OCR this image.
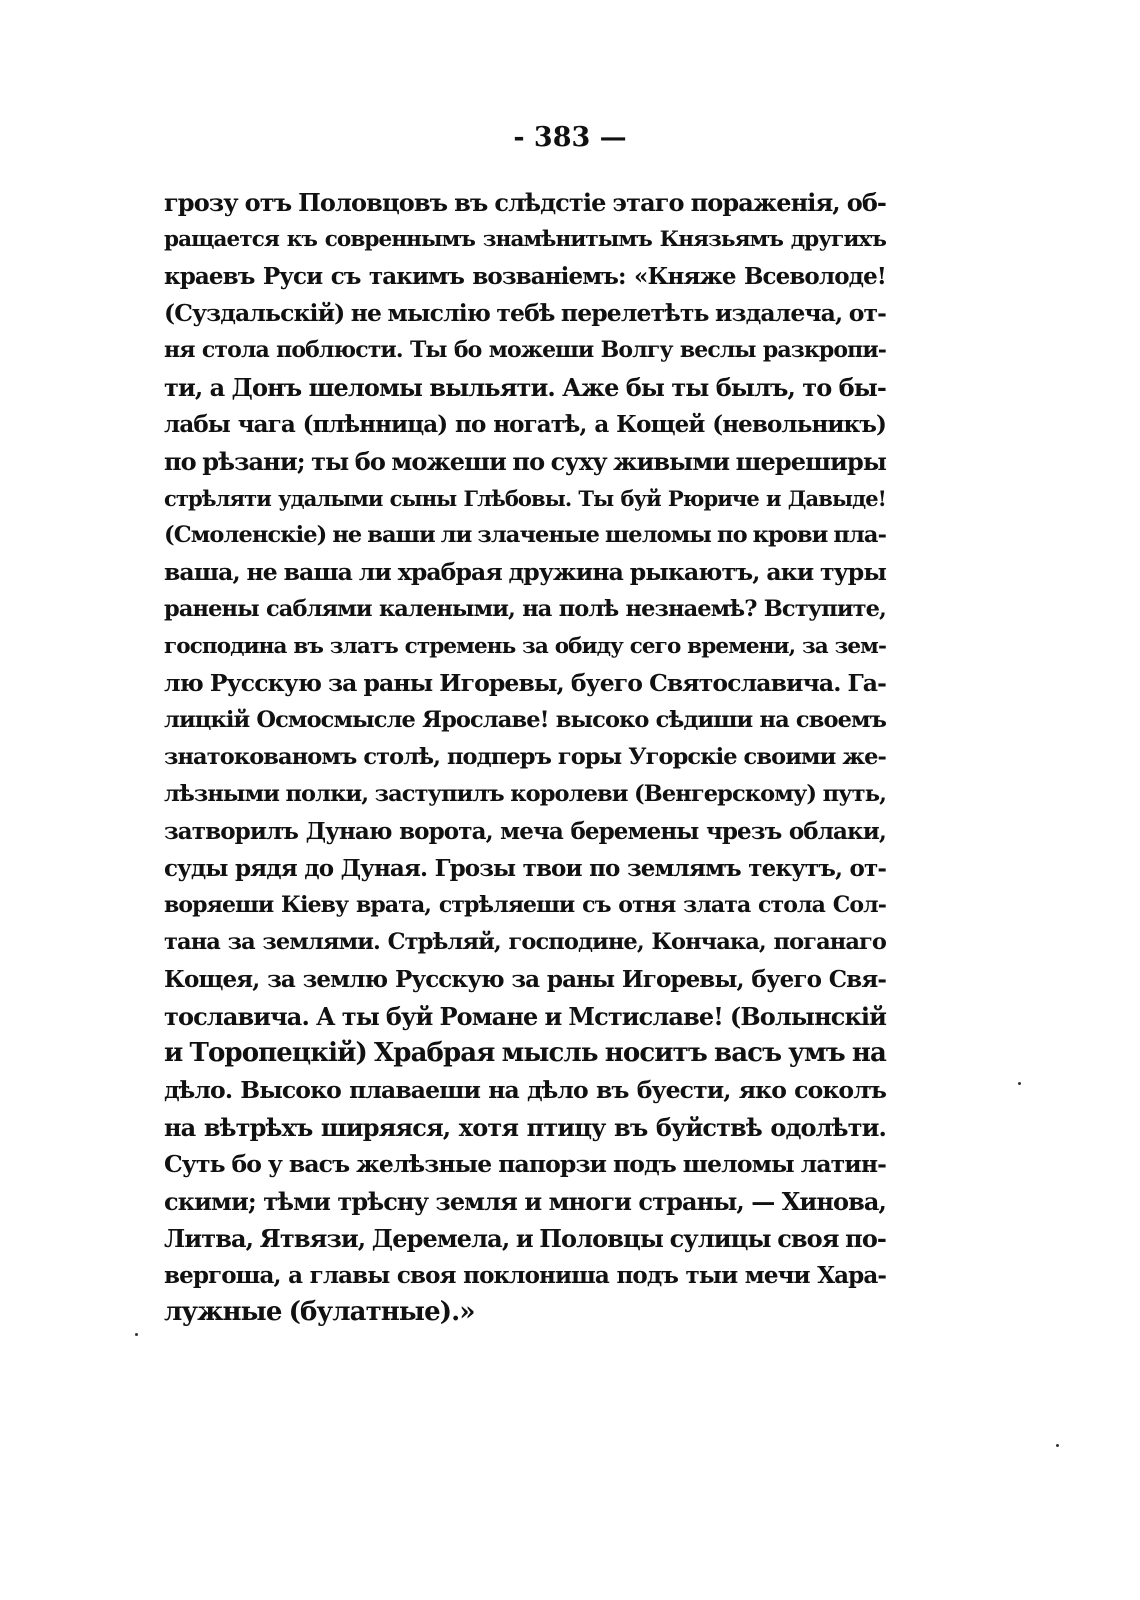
- 383 —
грозу отъ Половцовъ въ слѣдстіе этаго пораженія, об-
ращается къ совреннымъ знамѣнитымъ Князьямъ другихъ
краевъ Руси съ такимъ возваніемъ: «Княже Всеволоде!
(Суздальскій) не мыслію тебѣ перелетѣть издалеча, от-
ня стола поблюсти. Ты бо можеши Волгу веслы разкропи-
ти, а Донъ шеломы выльяти. Аже бы ты былъ, то бы-
лабы чага (плѣнница) по ногатѣ, а Кощей (невольникъ)
по рѣзани; ты бо можеши по суху живыми шереширы
стрѣляти удалыми сыны Глѣбовы. Ты буй Рюриче и Давыде!
(Смоленскіе) не ваши ли злаченые шеломы по крови пла-
ваша, не ваша ли храбрая дружина рыкаютъ, аки туры
ранены саблями калеными, на полѣ незнаемѣ? Вступите,
господина въ златъ стремень за обиду сего времени, за зем-
лю Русскую за раны Игоревы, буего Святославича. Га-
лицкій Осмосмысле Ярославе! высоко сѣдиши на своемъ
знатокованомъ столѣ, подперъ горы Угорскіе своими же-
лѣзными полки, заступилъ королеви (Венгерскому) путь,
затворилъ Дунаю ворота, меча беремены чрезъ облаки,
суды рядя до Дуная. Грозы твои по землямъ текутъ, от-
воряеши Кіеву врата, стрѣляеши съ отня злата стола Сол-
тана за землями. Стрѣляй, господине, Кончака, поганаго
Кощея, за землю Русскую за раны Игоревы, буего Свя-
тославича. А ты буй Романе и Мстиславе! (Волынскій
и Торопецкій) Храбрая мысль носитъ васъ умъ на
дѣло. Высоко плаваеши на дѣло въ буести, яко соколъ
на вѣтрѣхъ ширяяся, хотя птицу въ буйствѣ одолѣти.
Суть бо у васъ желѣзные папорзи подъ шеломы латин-
скими; тѣми трѣсну земля и многи страны, — Хинова,
Литва, Ятвязи, Деремела, и Половцы сулицы своя по-
вергоша, а главы своя поклониша подъ тыи мечи Хара-
лужные (булатные).»
